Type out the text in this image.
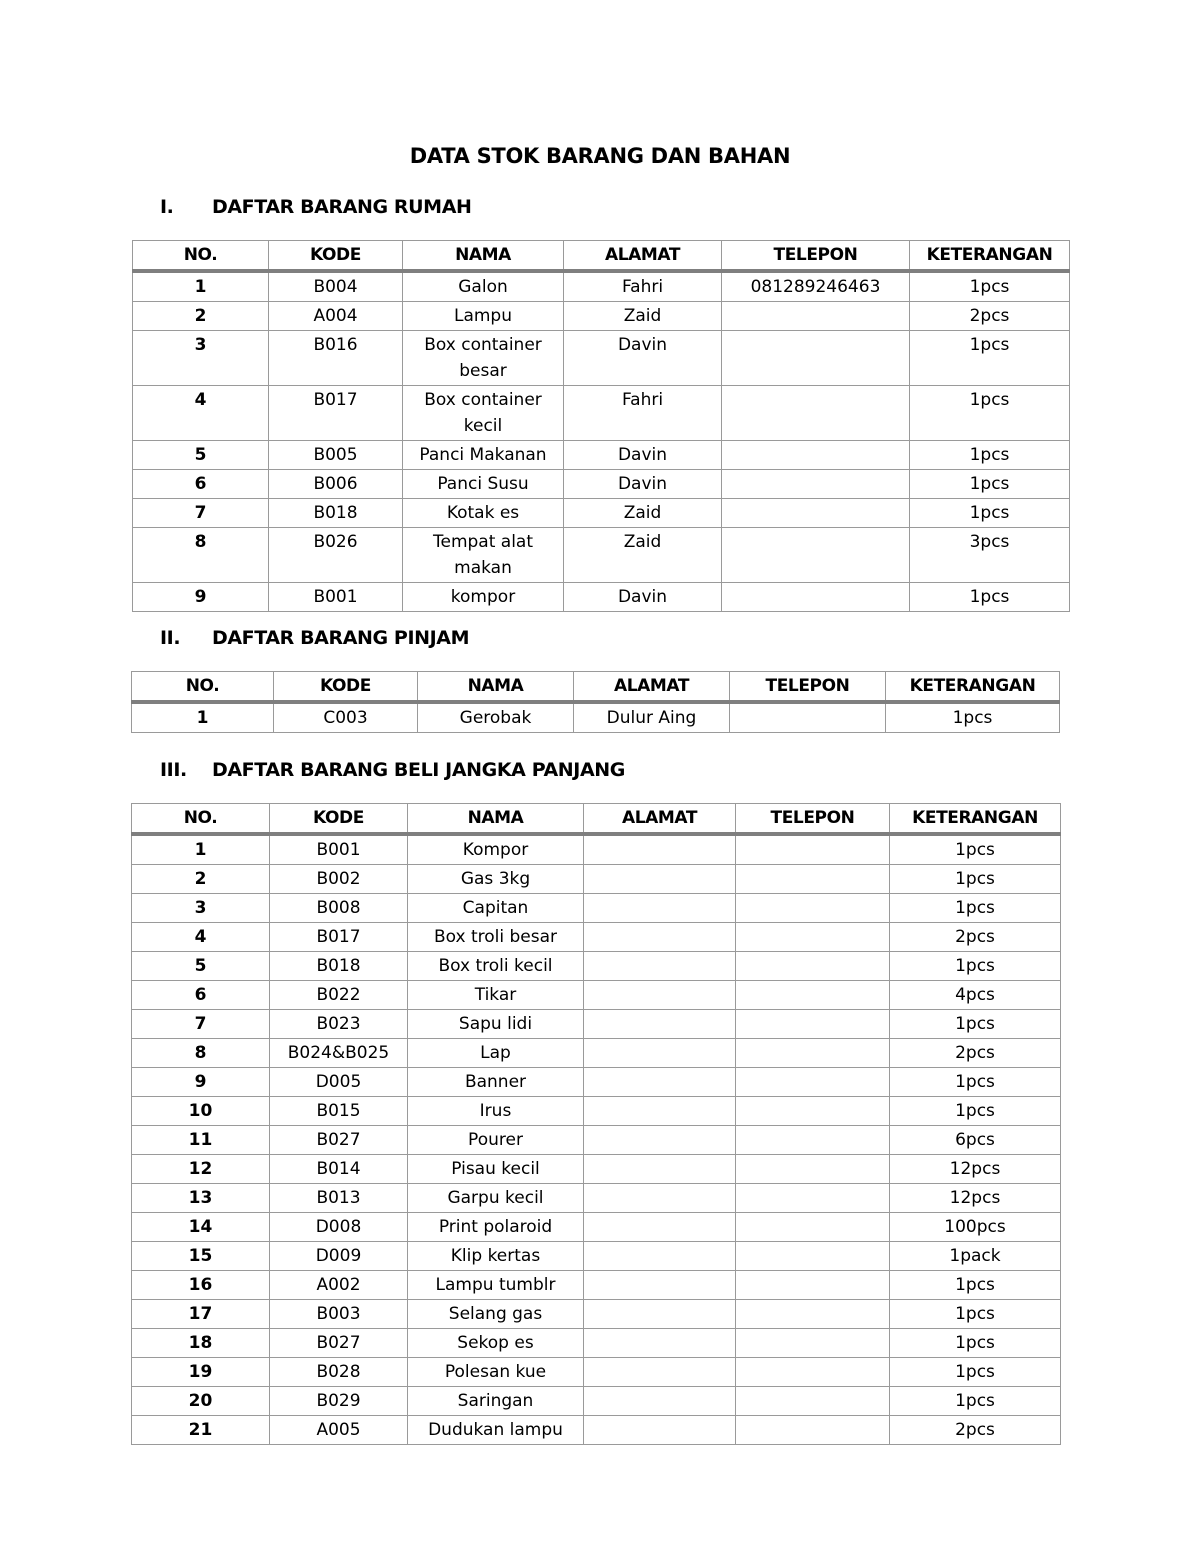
DATA STOK BARANG DAN BAHAN
I. DAFTAR BARANG RUMAH
NO.	KODE	NAMA	ALAMAT	TELEPON	KETERANGAN
1	B004	Galon	Fahri	081289246463	1pcs
2	A004	Lampu	Zaid		2pcs
3	B016	Box container besar	Davin		1pcs
4	B017	Box container kecil	Fahri		1pcs
5	B005	Panci Makanan	Davin		1pcs
6	B006	Panci Susu	Davin		1pcs
7	B018	Kotak es	Zaid		1pcs
8	B026	Tempat alat makan	Zaid		3pcs
9	B001	kompor	Davin		1pcs
II. DAFTAR BARANG PINJAM
NO.	KODE	NAMA	ALAMAT	TELEPON	KETERANGAN
1	C003	Gerobak	Dulur Aing		1pcs
III. DAFTAR BARANG BELI JANGKA PANJANG
NO.	KODE	NAMA	ALAMAT	TELEPON	KETERANGAN
1	B001	Kompor			1pcs
2	B002	Gas 3kg			1pcs
3	B008	Capitan			1pcs
4	B017	Box troli besar			2pcs
5	B018	Box troli kecil			1pcs
6	B022	Tikar			4pcs
7	B023	Sapu lidi			1pcs
8	B024&B025	Lap			2pcs
9	D005	Banner			1pcs
10	B015	Irus			1pcs
11	B027	Pourer			6pcs
12	B014	Pisau kecil			12pcs
13	B013	Garpu kecil			12pcs
14	D008	Print polaroid			100pcs
15	D009	Klip kertas			1pack
16	A002	Lampu tumblr			1pcs
17	B003	Selang gas			1pcs
18	B027	Sekop es			1pcs
19	B028	Polesan kue			1pcs
20	B029	Saringan			1pcs
21	A005	Dudukan lampu			2pcs
